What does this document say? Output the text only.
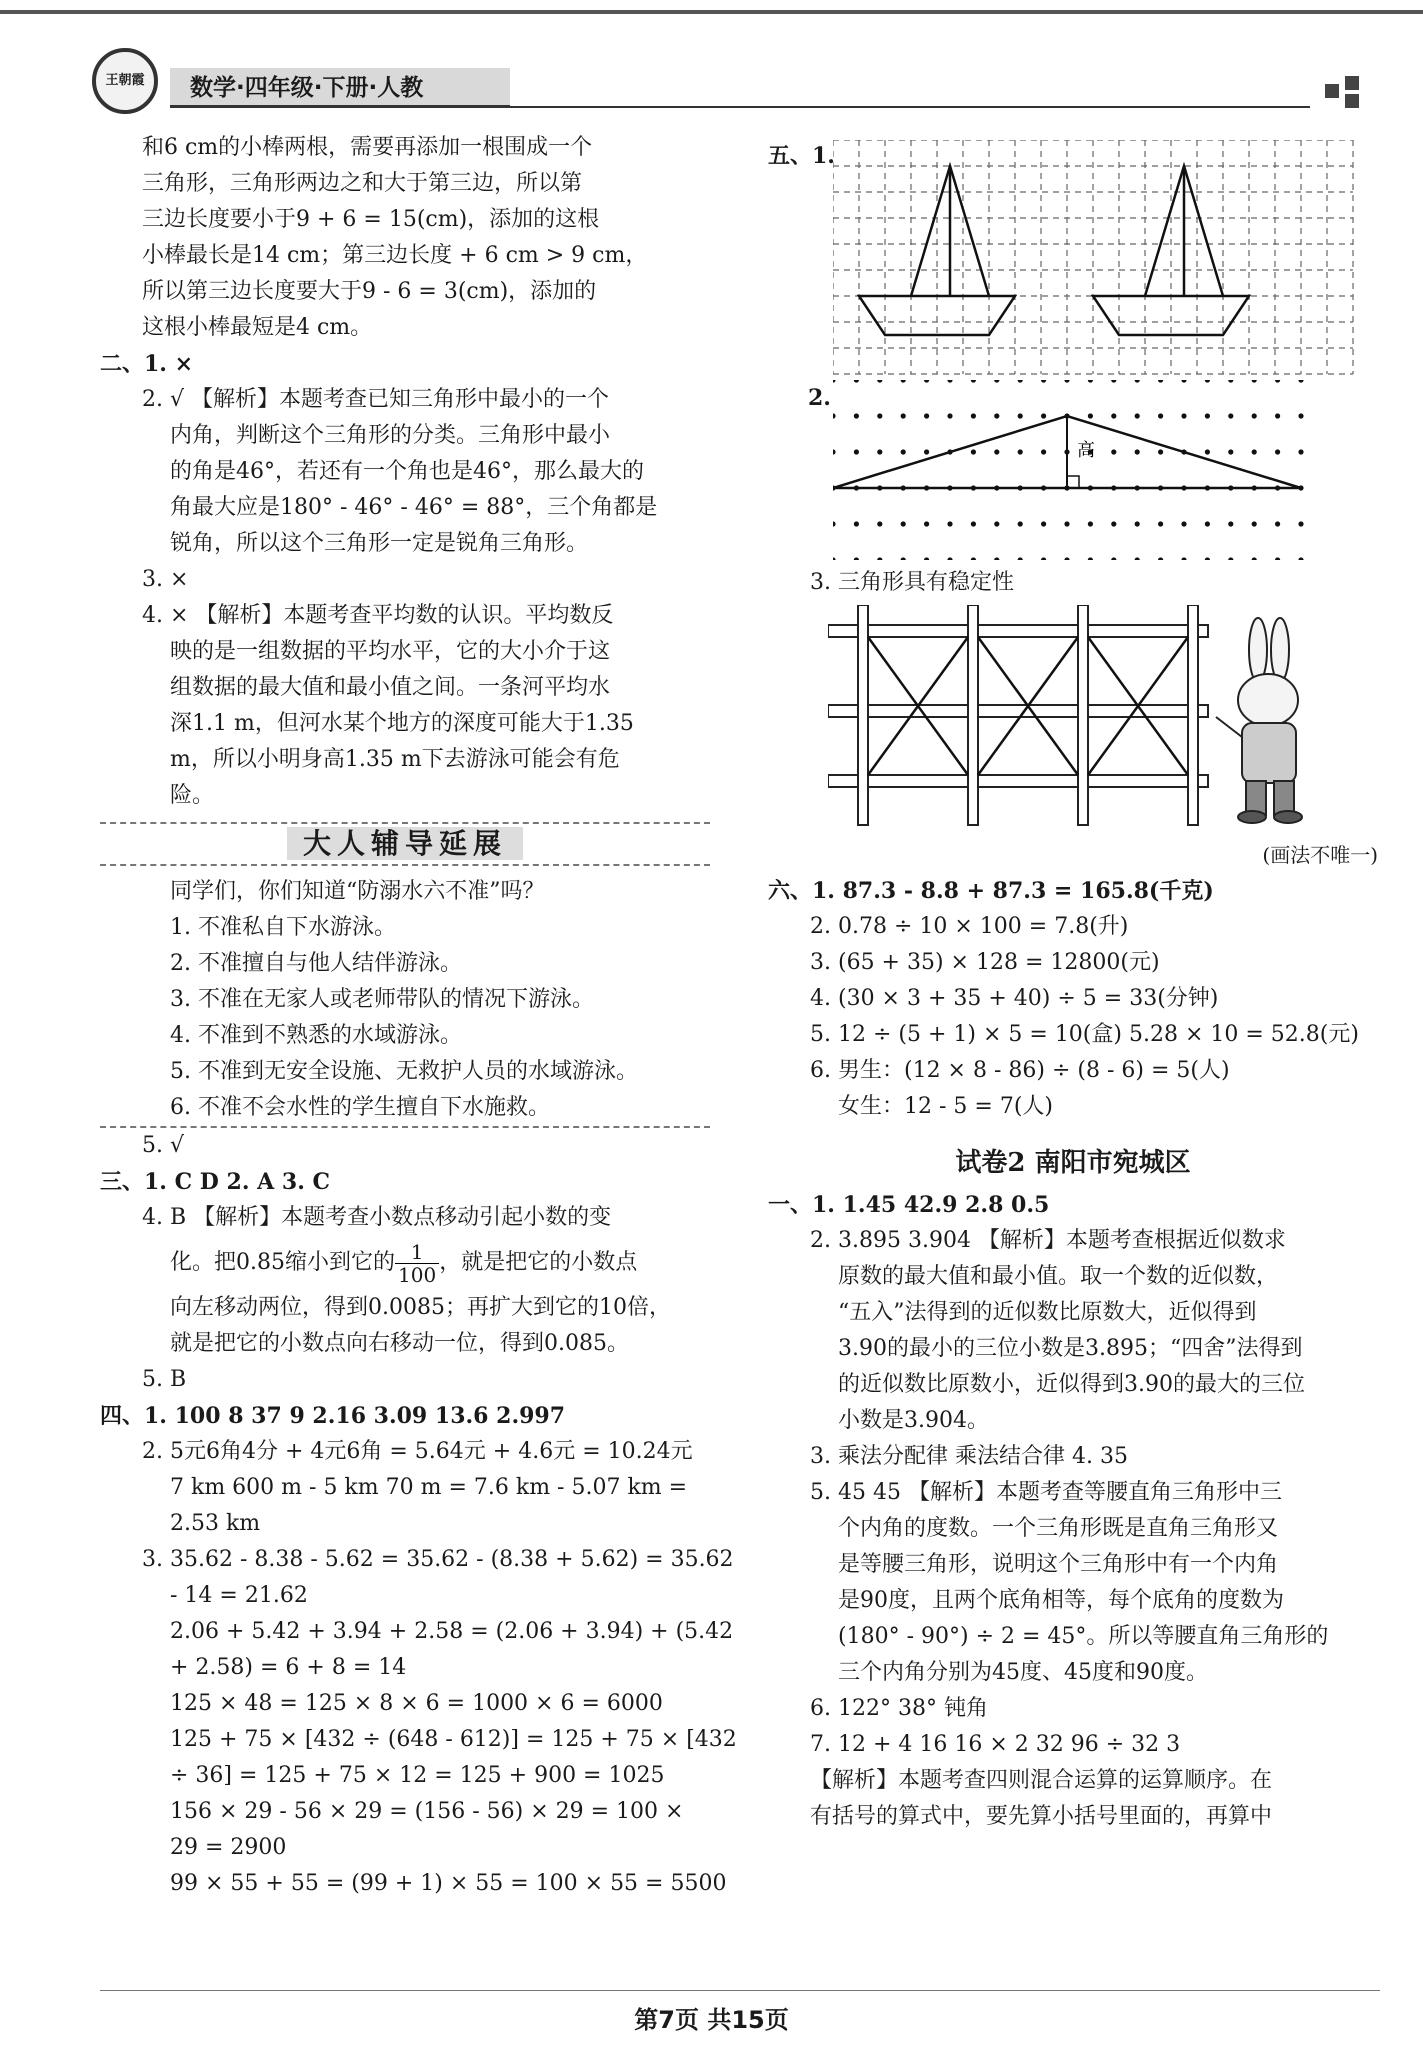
王朝霞	数学·四年级·下册·人教
和6 cm的小棒两根，需要再添加一根围成一个
三角形，三角形两边之和大于第三边，所以第
三边长度要小于9 + 6 = 15(cm)，添加的这根
小棒最长是14 cm；第三边长度 + 6 cm > 9 cm，
所以第三边长度要大于9 - 6 = 3(cm)，添加的
这根小棒最短是4 cm。
二、1. ×
2. √ 【解析】本题考查已知三角形中最小的一个
内角，判断这个三角形的分类。三角形中最小
的角是46°，若还有一个角也是46°，那么最大的
角最大应是180° - 46° - 46° = 88°，三个角都是
锐角，所以这个三角形一定是锐角三角形。
3. ×
4. × 【解析】本题考查平均数的认识。平均数反
映的是一组数据的平均水平，它的大小介于这
组数据的最大值和最小值之间。一条河平均水
深1.1 m，但河水某个地方的深度可能大于1.35
m，所以小明身高1.35 m下去游泳可能会有危
险。
大人辅导延展
同学们，你们知道“防溺水六不准”吗？
1. 不准私自下水游泳。
2. 不准擅自与他人结伴游泳。
3. 不准在无家人或老师带队的情况下游泳。
4. 不准到不熟悉的水域游泳。
5. 不准到无安全设施、无救护人员的水域游泳。
6. 不准不会水性的学生擅自下水施救。
5. √
三、1. C D 2. A 3. C
4. B 【解析】本题考查小数点移动引起小数的变
化。把0.85缩小到它的 $\frac{1}{100}$ ，就是把它的小数点
向左移动两位，得到0.0085；再扩大到它的10倍，
就是把它的小数点向右移动一位，得到0.085。
5. B
四、1. 100 8 37 9 2.16 3.09 13.6 2.997
2. 5元6角4分 + 4元6角 = 5.64元 + 4.6元 = 10.24元
7 km 600 m - 5 km 70 m = 7.6 km - 5.07 km =
2.53 km
3. 35.62 - 8.38 - 5.62 = 35.62 - (8.38 + 5.62) = 35.62
- 14 = 21.62
2.06 + 5.42 + 3.94 + 2.58 = (2.06 + 3.94) + (5.42
+ 2.58) = 6 + 8 = 14
125 × 48 = 125 × 8 × 6 = 1000 × 6 = 6000
125 + 75 × [432 ÷ (648 - 612)] = 125 + 75 × [432
÷ 36] = 125 + 75 × 12 = 125 + 900 = 1025
156 × 29 - 56 × 29 = (156 - 56) × 29 = 100 ×
29 = 2900
99 × 55 + 55 = (99 + 1) × 55 = 100 × 55 = 5500
五、1.
2.
高
3. 三角形具有稳定性
(画法不唯一)
六、1. 87.3 - 8.8 + 87.3 = 165.8(千克)
2. 0.78 ÷ 10 × 100 = 7.8(升)
3. (65 + 35) × 128 = 12800(元)
4. (30 × 3 + 35 + 40) ÷ 5 = 33(分钟)
5. 12 ÷ (5 + 1) × 5 = 10(盒) 5.28 × 10 = 52.8(元)
6. 男生：(12 × 8 - 86) ÷ (8 - 6) = 5(人)
女生：12 - 5 = 7(人)
试卷2 南阳市宛城区
一、1. 1.45 42.9 2.8 0.5
2. 3.895 3.904 【解析】本题考查根据近似数求
原数的最大值和最小值。取一个数的近似数，
“五入”法得到的近似数比原数大，近似得到
3.90的最小的三位小数是3.895；“四舍”法得到
的近似数比原数小，近似得到3.90的最大的三位
小数是3.904。
3. 乘法分配律 乘法结合律 4. 35
5. 45 45 【解析】本题考查等腰直角三角形中三
个内角的度数。一个三角形既是直角三角形又
是等腰三角形，说明这个三角形中有一个内角
是90度，且两个底角相等，每个底角的度数为
(180° - 90°) ÷ 2 = 45°。所以等腰直角三角形的
三个内角分别为45度、45度和90度。
6. 122° 38° 钝角
7. 12 + 4 16 16 × 2 32 96 ÷ 32 3
【解析】本题考查四则混合运算的运算顺序。在
有括号的算式中，要先算小括号里面的，再算中
第7页 共15页
